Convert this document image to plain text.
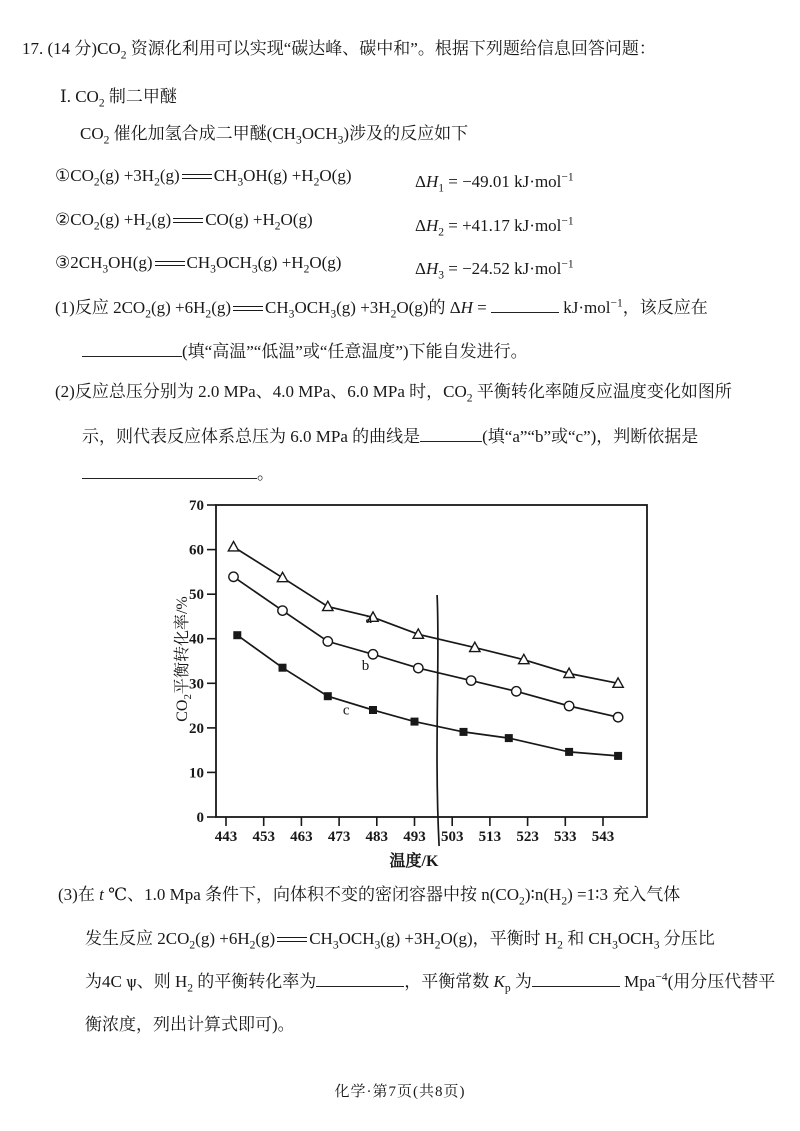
17. (14 分)$CO_2$ 资源化利用可以实现“碳达峰、碳中和”。根据下列题给信息回答问题：
Ⅰ. $CO_2$ 制二甲醚
$CO_2$ 催化加氢合成二甲醚$(CH_3OCH_3)$涉及的反应如下
$①CO_2(g) +3H_2(g)$ $CH_3OH(g) +H_2O(g)$	$\Delta H_1 = -49.01$ kJ·mol$^{-1}$
$②CO_2(g) +H_2(g)$ $CO(g) +H_2O(g)$	$\Delta H_2 = +41.17$ kJ·mol$^{-1}$
$③2CH_3OH(g)$ $CH_3OCH_3(g) +H_2O(g)$	$\Delta H_3 = -24.52$ kJ·mol$^{-1}$
(1)反应 $2CO_2(g) +6H_2(g)$ $CH_3OCH_3(g) +3H_2O(g)$的 ΔH =	kJ·mol$^{-1}$，该反应在
(填“高温”“低温”或“任意温度”)下能自发进行。
(2)反应总压分别为 2.0 MPa、4.0 MPa、6.0 MPa 时，$CO_2$ 平衡转化率随反应温度变化如图所
示，则代表反应体系总压为 6.0 MPa 的曲线是	(填“a”“b”或“c”)，判断依据是
。
443 453 463 473 483 493 503 513 523 533 543
0
10
20
30
40
50
60
70
温度/K
a
b
c
$CO_2$平衡转化率/%
(3)在 t ℃、1.0 Mpa 条件下，向体积不变的密闭容器中按 $n(CO_2)∶n(H_2)$ =1∶3 充入气体
发生反应 $2CO_2(g) +6H_2(g)$ $CH_3OCH_3(g) +3H_2O(g)$，平衡时 $H_2$ 和 $CH_3OCH_3$ 分压比
为4Ϲ ѱ、则 $H_2$ 的平衡转化率为	，平衡常数 $K_p$ 为	Mpa$^{-4}$(用分压代替平
衡浓度，列出计算式即可)。
化学·第7页(共8页)
